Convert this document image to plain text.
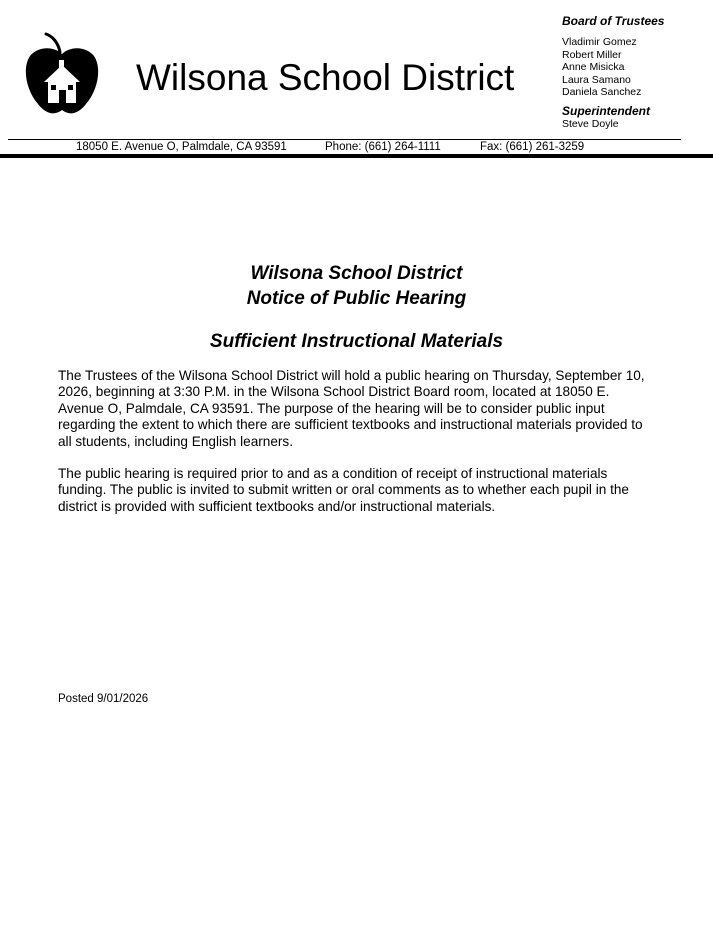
Wilsona School District
Board of Trustees
Vladimir Gomez
Robert Miller
Anne Misicka
Laura Samano
Daniela Sanchez
Superintendent
Steve Doyle
18050 E. Avenue O, Palmdale, CA 93591	Phone: (661) 264-1111	Fax: (661) 261-3259
Wilsona School District
Notice of Public Hearing
Sufficient Instructional Materials
The Trustees of the Wilsona School District will hold a public hearing on Thursday, September 10, 2026, beginning at 3:30 P.M. in the Wilsona School District Board room, located at 18050 E. Avenue O, Palmdale, CA 93591. The purpose of the hearing will be to consider public input regarding the extent to which there are sufficient textbooks and instructional materials provided to all students, including English learners.
The public hearing is required prior to and as a condition of receipt of instructional materials funding. The public is invited to submit written or oral comments as to whether each pupil in the district is provided with sufficient textbooks and/or instructional materials.
Posted 9/01/2026
